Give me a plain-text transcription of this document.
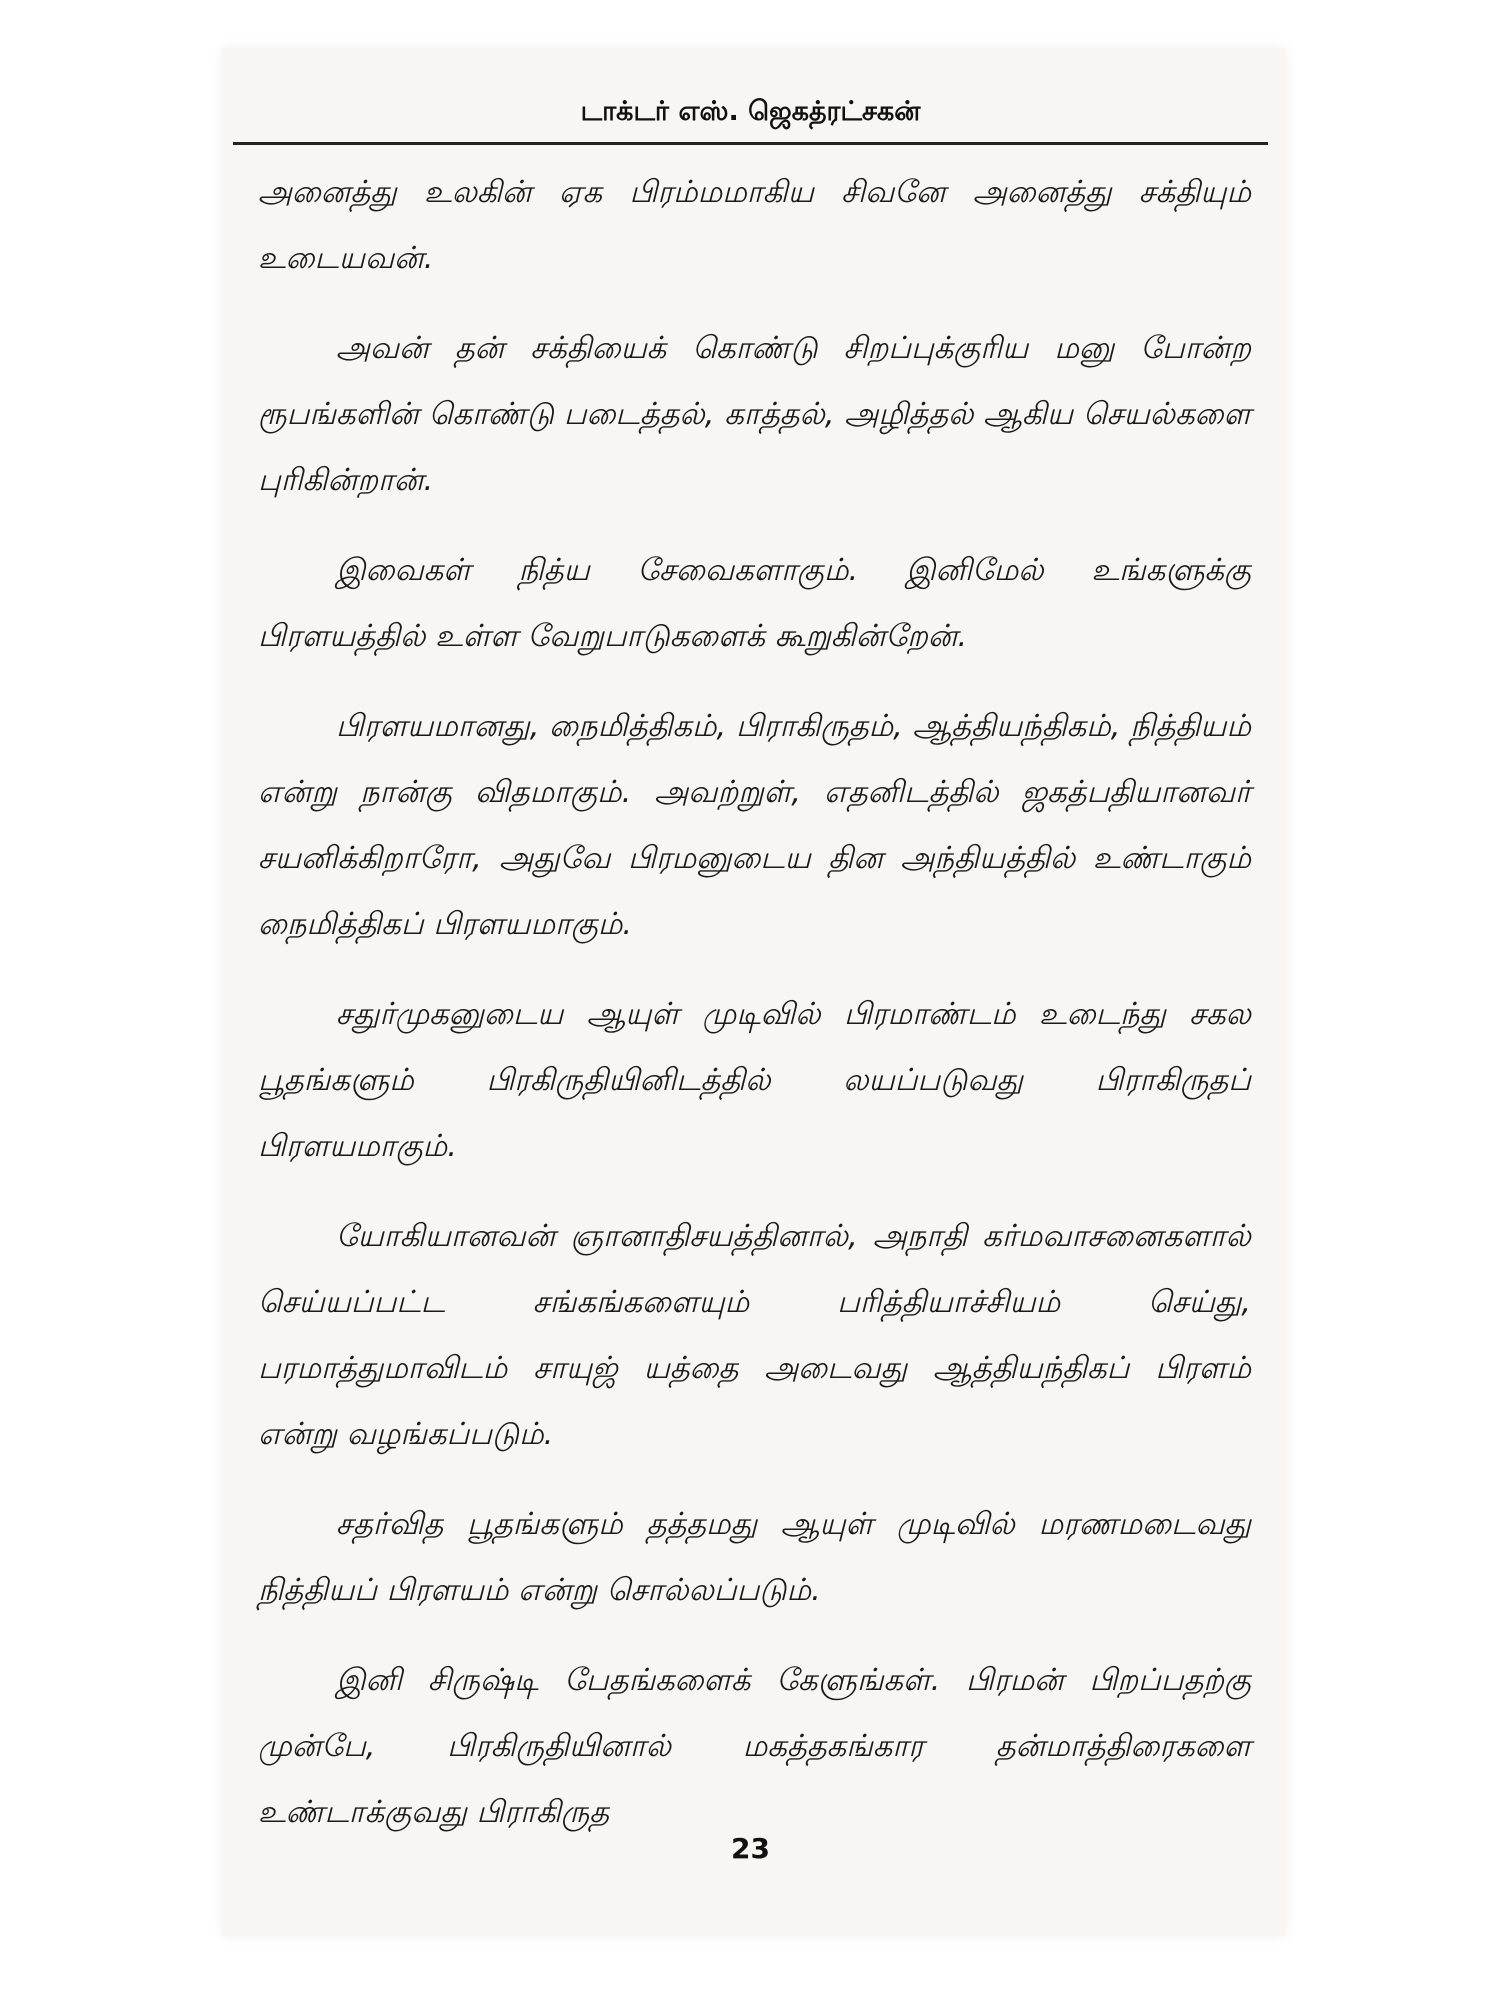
டாக்டர் எஸ். ஜெகத்ரட்சகன்

அனைத்து உலகின் ஏக பிரம்மமாகிய சிவனே அனைத்து சக்தியும் உடையவன்.

அவன் தன் சக்தியைக் கொண்டு சிறப்புக்குரிய மனு போன்ற ரூபங்களின் கொண்டு படைத்தல், காத்தல், அழித்தல் ஆகிய செயல்களை புரிகின்றான்.

இவைகள் நித்ய சேவைகளாகும். இனிமேல் உங்களுக்கு பிரளயத்தில் உள்ள வேறுபாடுகளைக் கூறுகின்றேன்.

பிரளயமானது, நைமித்திகம், பிராகிருதம், ஆத்தியந்திகம், நித்தியம் என்று நான்கு விதமாகும். அவற்றுள், எதனிடத்தில் ஜகத்பதியானவர் சயனிக்கிறாரோ, அதுவே பிரமனுடைய தின அந்தியத்தில் உண்டாகும் நைமித்திகப் பிரளயமாகும்.

சதுர்முகனுடைய ஆயுள் முடிவில் பிரமாண்டம் உடைந்து சகல பூதங்களும் பிரகிருதியினிடத்தில் லயப்படுவது பிராகிருதப் பிரளயமாகும்.

யோகியானவன் ஞானாதிசயத்தினால், அநாதி கர்மவாசனைகளால் செய்யப்பட்ட சங்கங்களையும் பரித்தியாச்சியம் செய்து, பரமாத்துமாவிடம் சாயுஜ் யத்தை அடைவது ஆத்தியந்திகப் பிரளம் என்று வழங்கப்படும்.

சதர்வித பூதங்களும் தத்தமது ஆயுள் முடிவில் மரணமடைவது நித்தியப் பிரளயம் என்று சொல்லப்படும்.

இனி சிருஷ்டி பேதங்களைக் கேளுங்கள். பிரமன் பிறப்பதற்கு முன்பே, பிரகிருதியினால் மகத்தகங்கார தன்மாத்திரைகளை உண்டாக்குவது பிராகிருத

23
